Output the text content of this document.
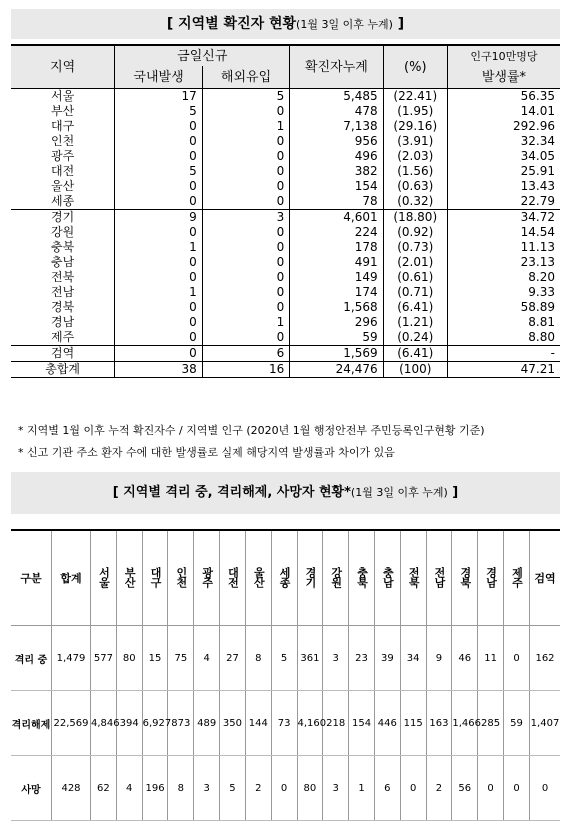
[ 지역별 확진자 현황(1월 3일 이후 누계) ]
지역	금일신규		확진자누계	(%)	인구10만명당
	국내발생	해외유입			발생률*
서울	17	5	5,485	(22.41)	56.35
부산	5	0	478	(1.95)	14.01
대구	0	1	7,138	(29.16)	292.96
인천	0	0	956	(3.91)	32.34
광주	0	0	496	(2.03)	34.05
대전	5	0	382	(1.56)	25.91
울산	0	0	154	(0.63)	13.43
세종	0	0	78	(0.32)	22.79
경기	9	3	4,601	(18.80)	34.72
강원	0	0	224	(0.92)	14.54
충북	1	0	178	(0.73)	11.13
충남	0	0	491	(2.01)	23.13
전북	0	0	149	(0.61)	8.20
전남	1	0	174	(0.71)	9.33
경북	0	0	1,568	(6.41)	58.89
경남	0	1	296	(1.21)	8.81
제주	0	0	59	(0.24)	8.80
검역	0	6	1,569	(6.41)	-
총합계	38	16	24,476	(100)	47.21
* 지역별 1월 이후 누적 확진자수 / 지역별 인구 (2020년 1월 행정안전부 주민등록인구현황 기준)
* 신고 기관 주소 환자 수에 대한 발생률로 실제 해당지역 발생률과 차이가 있음
[ 지역별 격리 중, 격리해제, 사망자 현황*(1월 3일 이후 누계) ]
구분	합계	서울	부산	대구	인천	광주	대전	울산	세종	경기	강원	충북	충남	전북	전남	경북	경남	제주	검역
격리 중	1,479	577	80	15	75	4	27	8	5	361	3	23	39	34	9	46	11	0	162
격리해제	22,569	4,846	394	6,927	873	489	350	144	73	4,160	218	154	446	115	163	1,466	285	59	1,407
사망	428	62	4	196	8	3	5	2	0	80	3	1	6	0	2	56	0	0	0
